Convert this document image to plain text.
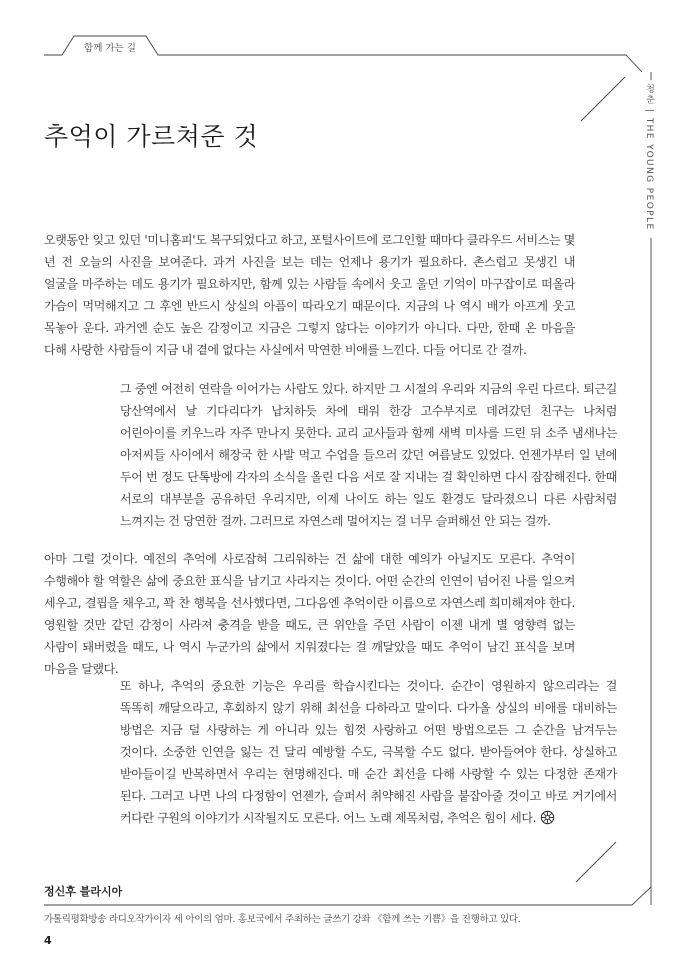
함께 가는 길
청춘 | THE YOUNG PEOPLE
추억이 가르쳐준 것

오랫동안 잊고 있던 '미니홈피'도 복구되었다고 하고, 포털사이트에 로그인할 때마다 클라우드 서비스는 몇 년 전 오늘의 사진을 보여준다. 과거 사진을 보는 데는 언제나 용기가 필요하다. 촌스럽고 못생긴 내 얼굴을 마주하는 데도 용기가 필요하지만, 함께 있는 사람들 속에서 웃고 울던 기억이 마구잡이로 떠올라 가슴이 먹먹해지고 그 후엔 반드시 상실의 아픔이 따라오기 때문이다. 지금의 나 역시 배가 아프게 웃고 목놓아 운다. 과거엔 순도 높은 감정이고 지금은 그렇지 않다는 이야기가 아니다. 다만, 한때 온 마음을 다해 사랑한 사람들이 지금 내 곁에 없다는 사실에서 막연한 비애를 느낀다. 다들 어디로 간 걸까.

그 중엔 여전히 연락을 이어가는 사람도 있다. 하지만 그 시절의 우리와 지금의 우린 다르다. 퇴근길 당산역에서 날 기다리다가 납치하듯 차에 태워 한강 고수부지로 데려갔던 친구는 나처럼 어린아이를 키우느라 자주 만나지 못한다. 교리 교사들과 함께 새벽 미사를 드린 뒤 소주 냄새나는 아저씨들 사이에서 해장국 한 사발 먹고 수업을 들으러 갔던 여름날도 있었다. 언젠가부터 일 년에 두어 번 정도 단톡방에 각자의 소식을 올린 다음 서로 잘 지내는 걸 확인하면 다시 잠잠해진다. 한때 서로의 대부분을 공유하던 우리지만, 이제 나이도 하는 일도 환경도 달라졌으니 다른 사람처럼 느껴지는 건 당연한 걸까. 그러므로 자연스레 멀어지는 걸 너무 슬퍼해선 안 되는 걸까.

아마 그럴 것이다. 예전의 추억에 사로잡혀 그리워하는 건 삶에 대한 예의가 아닐지도 모른다. 추억이 수행해야 할 역할은 삶에 중요한 표식을 남기고 사라지는 것이다. 어떤 순간의 인연이 넘어진 나를 일으켜 세우고, 결핍을 채우고, 꽉 찬 행복을 선사했다면, 그다음엔 추억이란 이름으로 자연스레 희미해져야 한다. 영원할 것만 같던 감정이 사라져 충격을 받을 때도, 큰 위안을 주던 사람이 이젠 내게 별 영향력 없는 사람이 돼버렸을 때도, 나 역시 누군가의 삶에서 지워졌다는 걸 깨달았을 때도 추억이 남긴 표식을 보며 마음을 달랬다.

또 하나, 추억의 중요한 기능은 우리를 학습시킨다는 것이다. 순간이 영원하지 않으리라는 걸 똑똑히 깨달으라고, 후회하지 않기 위해 최선을 다하라고 말이다. 다가올 상실의 비애를 대비하는 방법은 지금 덜 사랑하는 게 아니라 있는 힘껏 사랑하고 어떤 방법으로든 그 순간을 남겨두는 것이다. 소중한 인연을 잃는 건 달리 예방할 수도, 극복할 수도 없다. 받아들여야 한다. 상실하고 받아들이길 반복하면서 우리는 현명해진다. 매 순간 최선을 다해 사랑할 수 있는 다정한 존재가 된다. 그러고 나면 나의 다정함이 언젠가, 슬퍼서 취약해진 사람을 붙잡아줄 것이고 바로 거기에서 커다란 구원의 이야기가 시작될지도 모른다. 어느 노래 제목처럼, 추억은 힘이 세다.

정신후 블라시아

가톨릭평화방송 라디오작가이자 세 아이의 엄마. 홍보국에서 주최하는 글쓰기 강좌 《함께 쓰는 기쁨》을 진행하고 있다.

4
